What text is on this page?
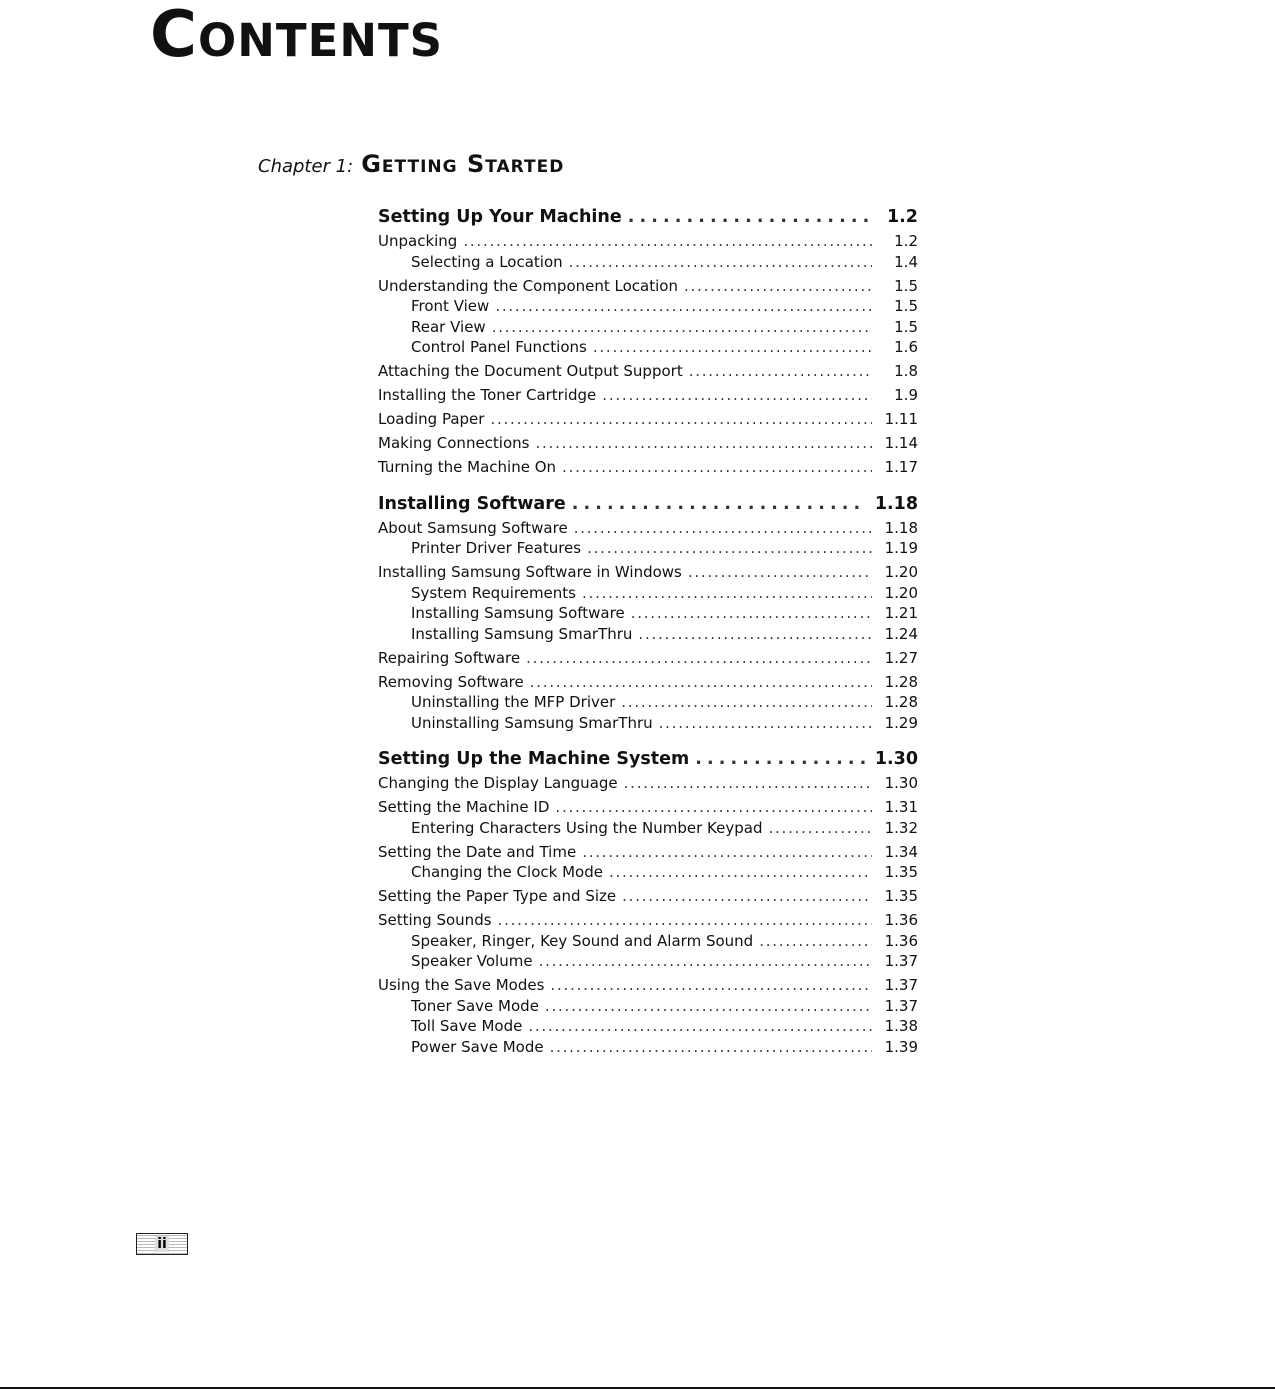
Contents
Chapter 1: Getting Started
Setting Up Your Machine . . .	1.2
Unpacking . . .	1.2
Selecting a Location . . .	1.4
Understanding the Component Location . . .	1.5
Front View . . .	1.5
Rear View . . .	1.5
Control Panel Functions . . .	1.6
Attaching the Document Output Support . . .	1.8
Installing the Toner Cartridge . . .	1.9
Loading Paper . . .	1.11
Making Connections . . .	1.14
Turning the Machine On . . .	1.17
Installing Software . . .	1.18
About Samsung Software . . .	1.18
Printer Driver Features . . .	1.19
Installing Samsung Software in Windows . . .	1.20
System Requirements . . .	1.20
Installing Samsung Software . . .	1.21
Installing Samsung SmarThru . . .	1.24
Repairing Software . . .	1.27
Removing Software . . .	1.28
Uninstalling the MFP Driver . . .	1.28
Uninstalling Samsung SmarThru . . .	1.29
Setting Up the Machine System . . .	1.30
Changing the Display Language . . .	1.30
Setting the Machine ID . . .	1.31
Entering Characters Using the Number Keypad . . .	1.32
Setting the Date and Time . . .	1.34
Changing the Clock Mode . . .	1.35
Setting the Paper Type and Size . . .	1.35
Setting Sounds . . .	1.36
Speaker, Ringer, Key Sound and Alarm Sound . . .	1.36
Speaker Volume . . .	1.37
Using the Save Modes . . .	1.37
Toner Save Mode . . .	1.37
Toll Save Mode . . .	1.38
Power Save Mode . . .	1.39
ii
